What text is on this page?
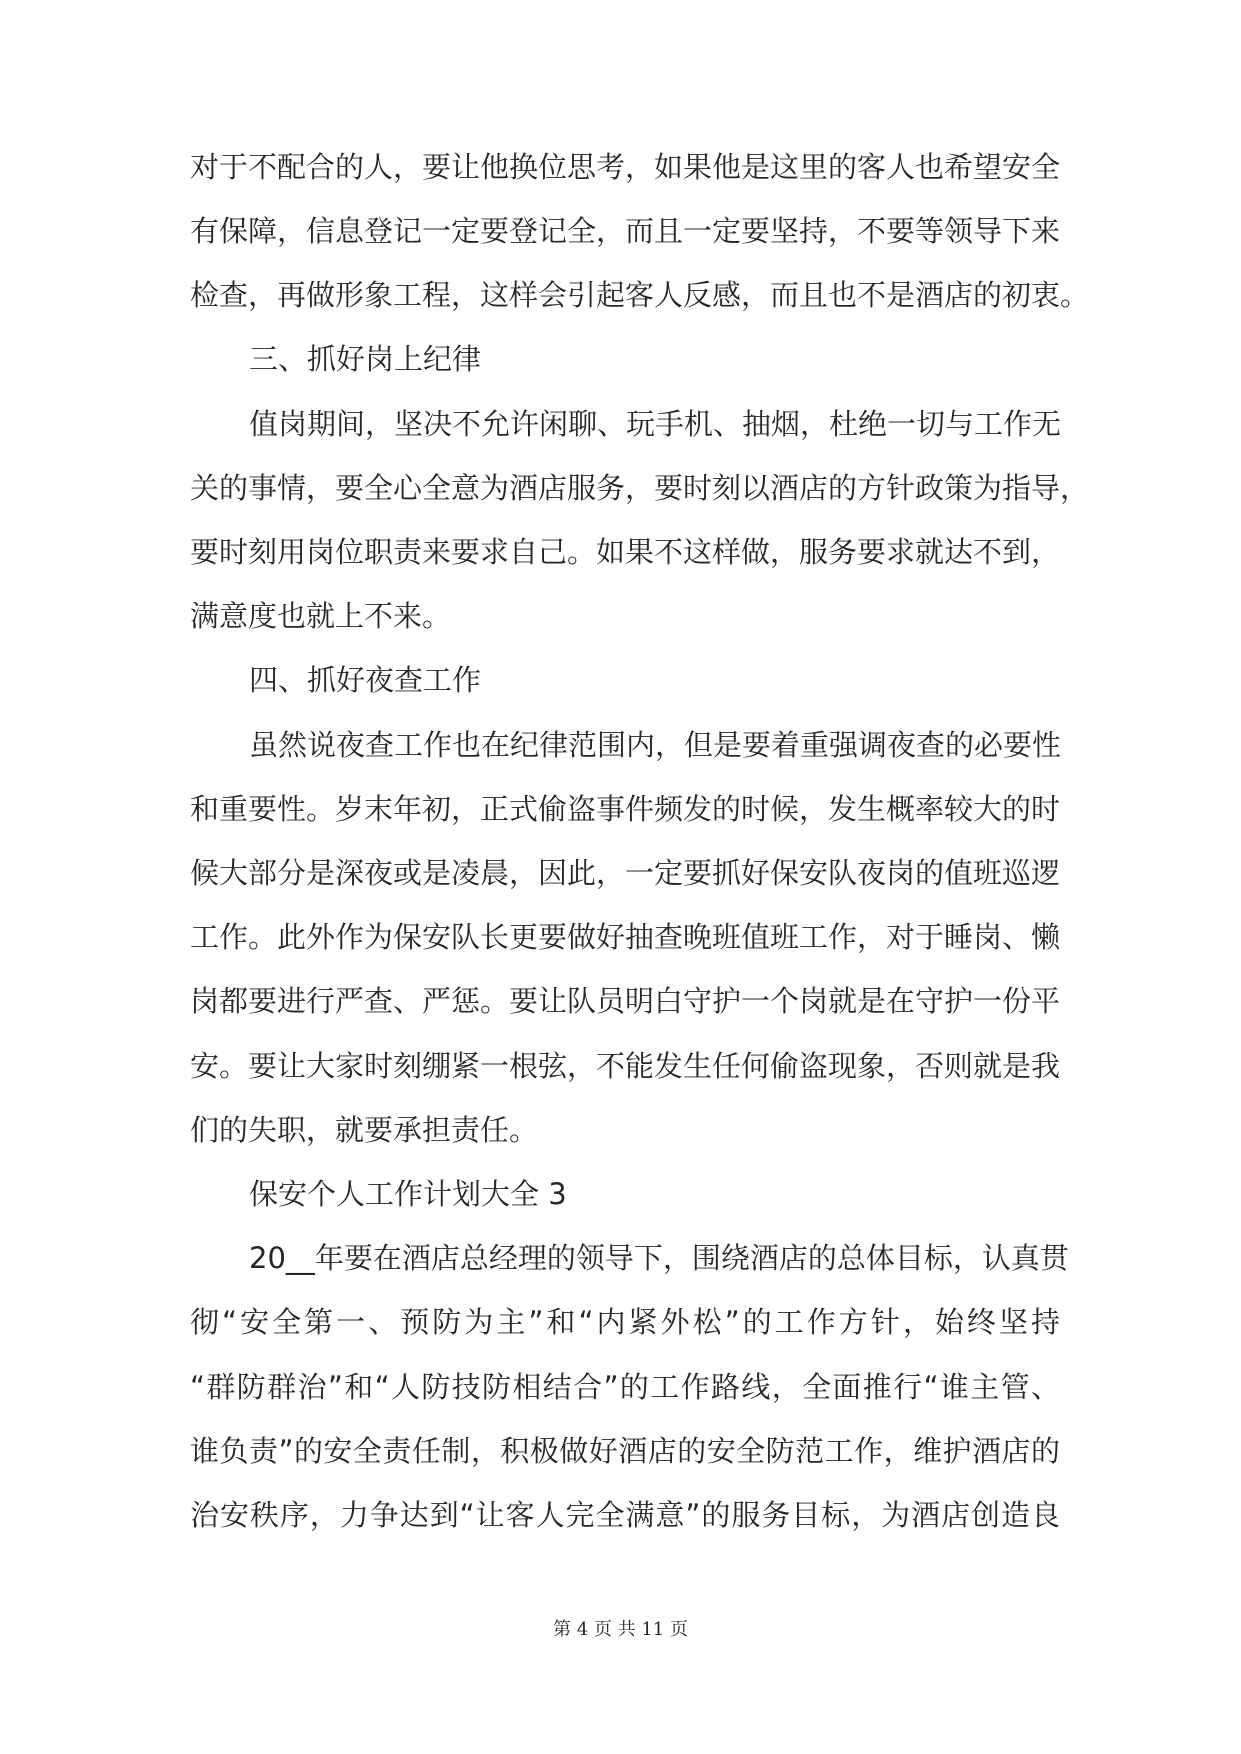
对于不配合的人，要让他换位思考，如果他是这里的客人也希望安全
有保障，信息登记一定要登记全，而且一定要坚持，不要等领导下来
检查，再做形象工程，这样会引起客人反感，而且也不是酒店的初衷。
三、抓好岗上纪律
值岗期间，坚决不允许闲聊、玩手机、抽烟，杜绝一切与工作无
关的事情，要全心全意为酒店服务，要时刻以酒店的方针政策为指导，
要时刻用岗位职责来要求自己。如果不这样做，服务要求就达不到，
满意度也就上不来。
四、抓好夜查工作
虽然说夜查工作也在纪律范围内，但是要着重强调夜查的必要性
和重要性。岁末年初，正式偷盗事件频发的时候，发生概率较大的时
候大部分是深夜或是凌晨，因此，一定要抓好保安队夜岗的值班巡逻
工作。此外作为保安队长更要做好抽查晚班值班工作，对于睡岗、懒
岗都要进行严查、严惩。要让队员明白守护一个岗就是在守护一份平
安。要让大家时刻绷紧一根弦，不能发生任何偷盗现象，否则就是我
们的失职，就要承担责任。
保安个人工作计划大全 3
20__年要在酒店总经理的领导下，围绕酒店的总体目标，认真贯
彻“安全第一、预防为主”和“内紧外松”的工作方针，始终坚持
“群防群治”和“人防技防相结合”的工作路线，全面推行“谁主管、
谁负责”的安全责任制，积极做好酒店的安全防范工作，维护酒店的
治安秩序，力争达到“让客人完全满意”的服务目标，为酒店创造良
第 4 页 共 11 页
